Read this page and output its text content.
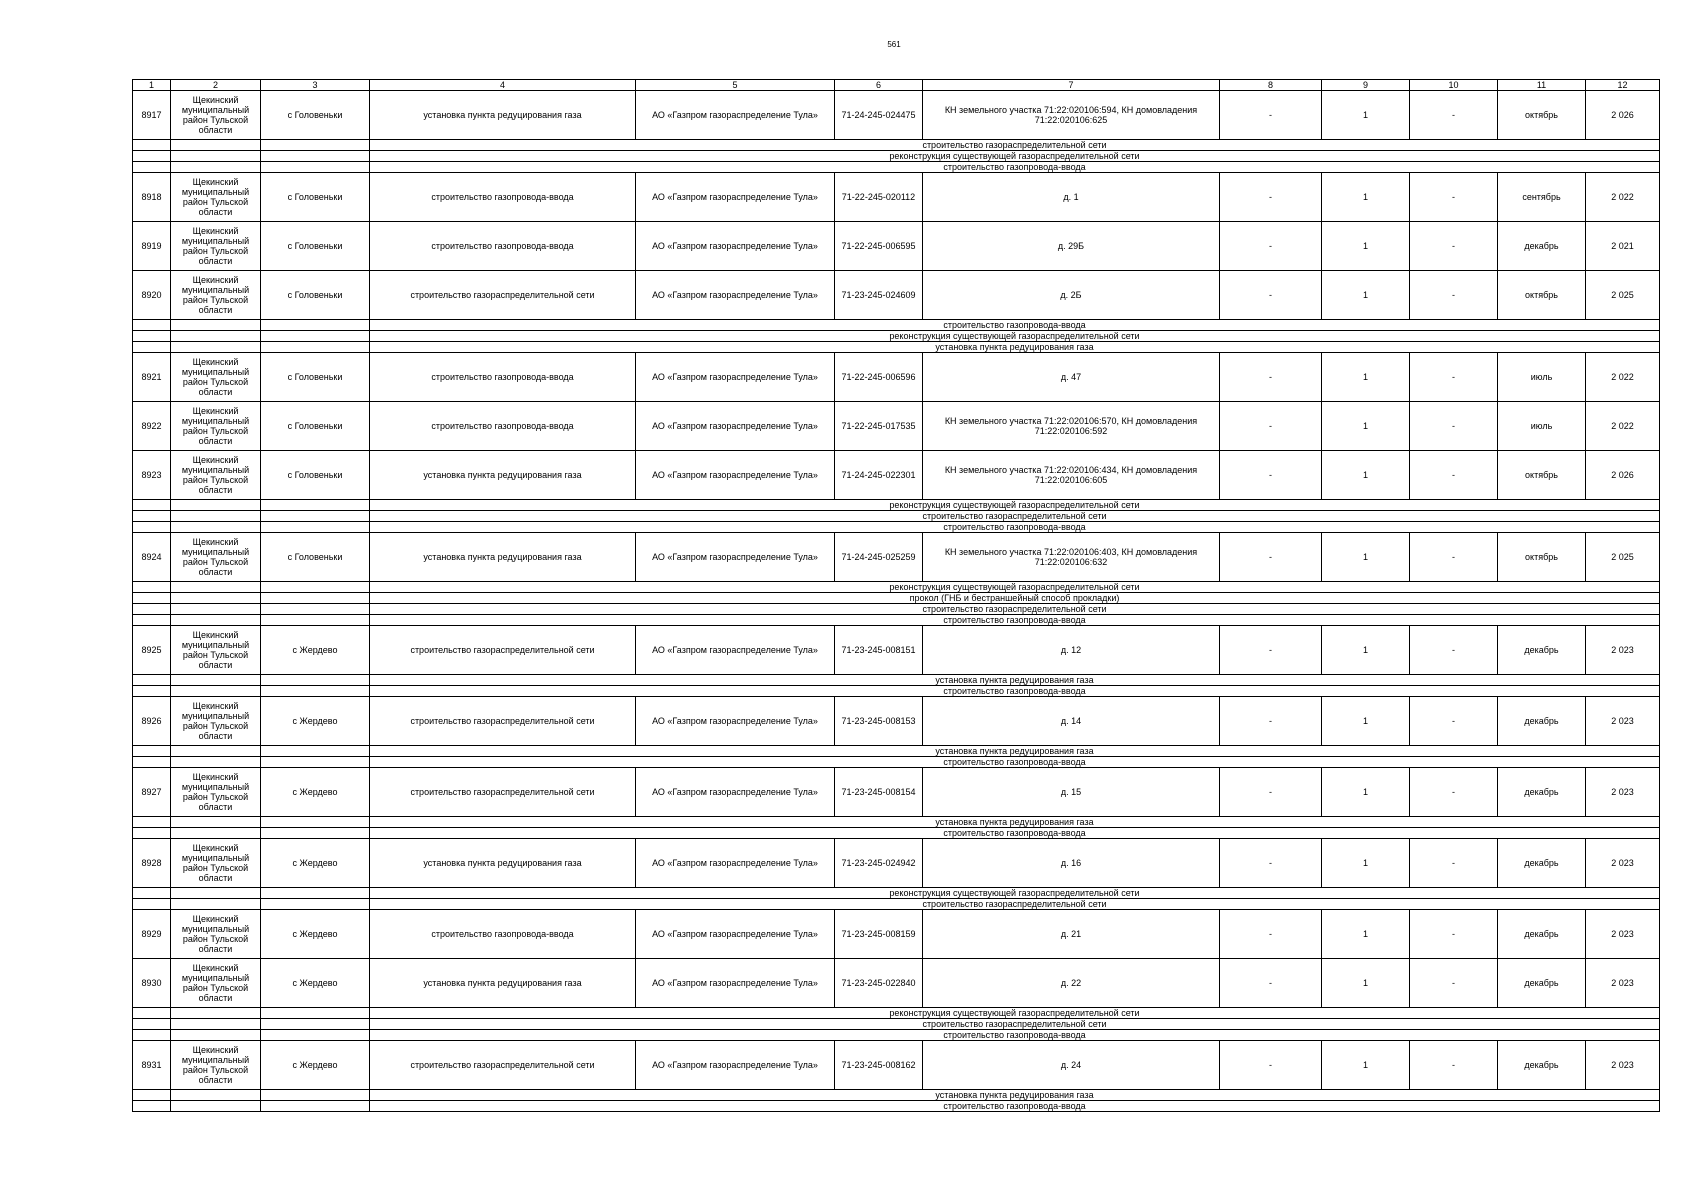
561
1	2	3	4	5	6	7	8	9	10	11	12
8917	Щекинский муниципальный район Тульской области	с Головеньки	установка пункта редуцирования газа	АО «Газпром газораспределение Тула»	71-24-245-024475	КН земельного участка 71:22:020106:594, КН домовладения 71:22:020106:625	-	1	-	октябрь	2 026
			строительство газораспределительной сети								
			реконструкция существующей газораспределительной сети								
			строительство газопровода-ввода								
8918	Щекинский муниципальный район Тульской области	с Головеньки	строительство газопровода-ввода	АО «Газпром газораспределение Тула»	71-22-245-020112	д. 1	-	1	-	сентябрь	2 022
8919	Щекинский муниципальный район Тульской области	с Головеньки	строительство газопровода-ввода	АО «Газпром газораспределение Тула»	71-22-245-006595	д. 29Б	-	1	-	декабрь	2 021
8920	Щекинский муниципальный район Тульской области	с Головеньки	строительство газораспределительной сети	АО «Газпром газораспределение Тула»	71-23-245-024609	д. 2Б	-	1	-	октябрь	2 025
			строительство газопровода-ввода								
			реконструкция существующей газораспределительной сети								
			установка пункта редуцирования газа								
8921	Щекинский муниципальный район Тульской области	с Головеньки	строительство газопровода-ввода	АО «Газпром газораспределение Тула»	71-22-245-006596	д. 47	-	1	-	июль	2 022
8922	Щекинский муниципальный район Тульской области	с Головеньки	строительство газопровода-ввода	АО «Газпром газораспределение Тула»	71-22-245-017535	КН земельного участка 71:22:020106:570, КН домовладения 71:22:020106:592	-	1	-	июль	2 022
8923	Щекинский муниципальный район Тульской области	с Головеньки	установка пункта редуцирования газа	АО «Газпром газораспределение Тула»	71-24-245-022301	КН земельного участка 71:22:020106:434, КН домовладения 71:22:020106:605	-	1	-	октябрь	2 026
			реконструкция существующей газораспределительной сети								
			строительство газораспределительной сети								
			строительство газопровода-ввода								
8924	Щекинский муниципальный район Тульской области	с Головеньки	установка пункта редуцирования газа	АО «Газпром газораспределение Тула»	71-24-245-025259	КН земельного участка 71:22:020106:403, КН домовладения 71:22:020106:632	-	1	-	октябрь	2 025
			реконструкция существующей газораспределительной сети								
			прокол (ГНБ и бестраншейный способ прокладки)								
			строительство газораспределительной сети								
			строительство газопровода-ввода								
8925	Щекинский муниципальный район Тульской области	с Жердево	строительство газораспределительной сети	АО «Газпром газораспределение Тула»	71-23-245-008151	д. 12	-	1	-	декабрь	2 023
			установка пункта редуцирования газа								
			строительство газопровода-ввода								
8926	Щекинский муниципальный район Тульской области	с Жердево	строительство газораспределительной сети	АО «Газпром газораспределение Тула»	71-23-245-008153	д. 14	-	1	-	декабрь	2 023
			установка пункта редуцирования газа								
			строительство газопровода-ввода								
8927	Щекинский муниципальный район Тульской области	с Жердево	строительство газораспределительной сети	АО «Газпром газораспределение Тула»	71-23-245-008154	д. 15	-	1	-	декабрь	2 023
			установка пункта редуцирования газа								
			строительство газопровода-ввода								
8928	Щекинский муниципальный район Тульской области	с Жердево	установка пункта редуцирования газа	АО «Газпром газораспределение Тула»	71-23-245-024942	д. 16	-	1	-	декабрь	2 023
			реконструкция существующей газораспределительной сети								
			строительство газораспределительной сети								
8929	Щекинский муниципальный район Тульской области	с Жердево	строительство газопровода-ввода	АО «Газпром газораспределение Тула»	71-23-245-008159	д. 21	-	1	-	декабрь	2 023
8930	Щекинский муниципальный район Тульской области	с Жердево	установка пункта редуцирования газа	АО «Газпром газораспределение Тула»	71-23-245-022840	д. 22	-	1	-	декабрь	2 023
			реконструкция существующей газораспределительной сети								
			строительство газораспределительной сети								
			строительство газопровода-ввода								
8931	Щекинский муниципальный район Тульской области	с Жердево	строительство газораспределительной сети	АО «Газпром газораспределение Тула»	71-23-245-008162	д. 24	-	1	-	декабрь	2 023
			установка пункта редуцирования газа								
			строительство газопровода-ввода								
